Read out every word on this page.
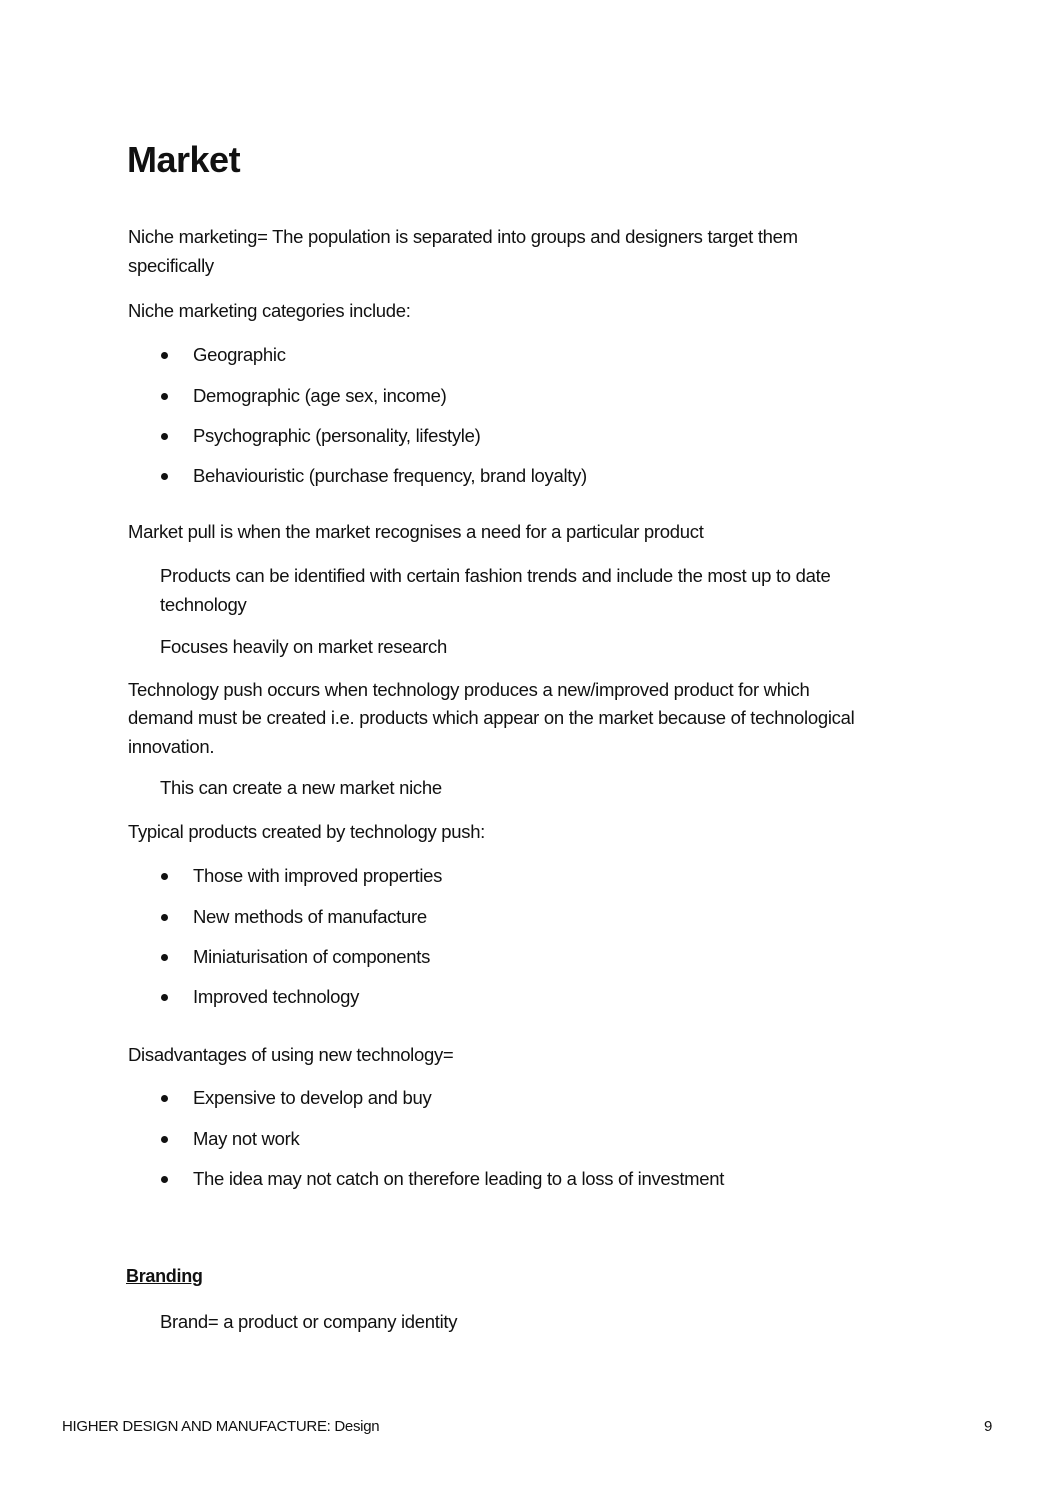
Market
Niche marketing= The population is separated into groups and designers target them
specifically
Niche marketing categories include:
Geographic
Demographic (age sex, income)
Psychographic (personality, lifestyle)
Behaviouristic (purchase frequency, brand loyalty)
Market pull is when the market recognises a need for a particular product
Products can be identified with certain fashion trends and include the most up to date
technology
Focuses heavily on market research
Technology push occurs when technology produces a new/improved product for which
demand must be created i.e. products which appear on the market because of technological
innovation.
This can create a new market niche
Typical products created by technology push:
Those with improved properties
New methods of manufacture
Miniaturisation of components
Improved technology
Disadvantages of using new technology=
Expensive to develop and buy
May not work
The idea may not catch on therefore leading to a loss of investment
Branding
Brand= a product or company identity
HIGHER DESIGN AND MANUFACTURE: Design	9
